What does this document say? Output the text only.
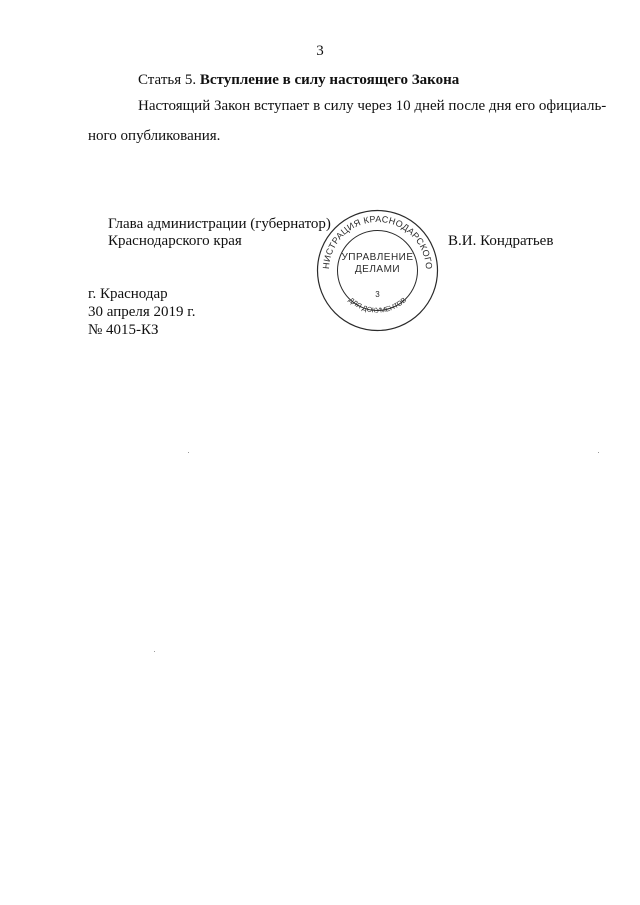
3
Статья 5. Вступление в силу настоящего Закона
Настоящий Закон вступает в силу через 10 дней после дня его официаль-
ного опубликования.
Глава администрации (губернатор)
Краснодарского края	В.И. Кондратьев
АДМИНИСТРАЦИЯ КРАСНОДАРСКОГО КРАЯ
ДЛЯ ДОКУМЕНТОВ
УПРАВЛЕНИЕ
ДЕЛАМИ
3
г. Краснодар
30 апреля 2019 г.
№ 4015-КЗ
